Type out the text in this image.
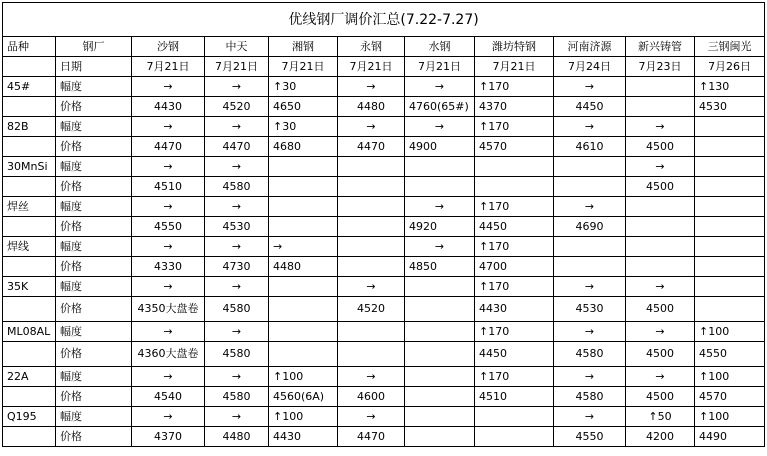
优线钢厂调价汇总(7.22-7.27)										
品种	钢厂	沙钢	中天	湘钢	永钢	水钢	潍坊特钢	河南济源	新兴铸管	三钢闽光
	日期	7月21日	7月21日	7月21日	7月21日	7月21日	7月21日	7月24日	7月23日	7月26日
45#	幅度	→	→	↑30	→	→	↑170	→		↑130
	价格	4430	4520	4650	4480	4760(65#)	4370	4450		4530
82B	幅度	→	→	↑30	→	→	↑170	→	→	
	价格	4470	4470	4680	4470	4900	4570	4610	4500	
30MnSi	幅度	→	→						→	
	价格	4510	4580						4500	
焊丝	幅度	→	→			→	↑170	→		
	价格	4550	4530			4920	4450	4690		
焊线	幅度	→	→	→		→	↑170			
	价格	4330	4730	4480		4850	4700			
35K	幅度	→	→		→		↑170	→	→	
	价格	4350大盘卷	4580		4520		4430	4530	4500	
ML08AL	幅度	→	→				↑170	→	→	↑100
	价格	4360大盘卷	4580				4450	4580	4500	4550
22A	幅度	→	→	↑100	→		↑170	→	→	↑100
	价格	4540	4580	4560(6A)	4600		4510	4580	4500	4570
Q195	幅度	→	→	↑100	→			→	↑50	↑100
	价格	4370	4480	4430	4470			4550	4200	4490
